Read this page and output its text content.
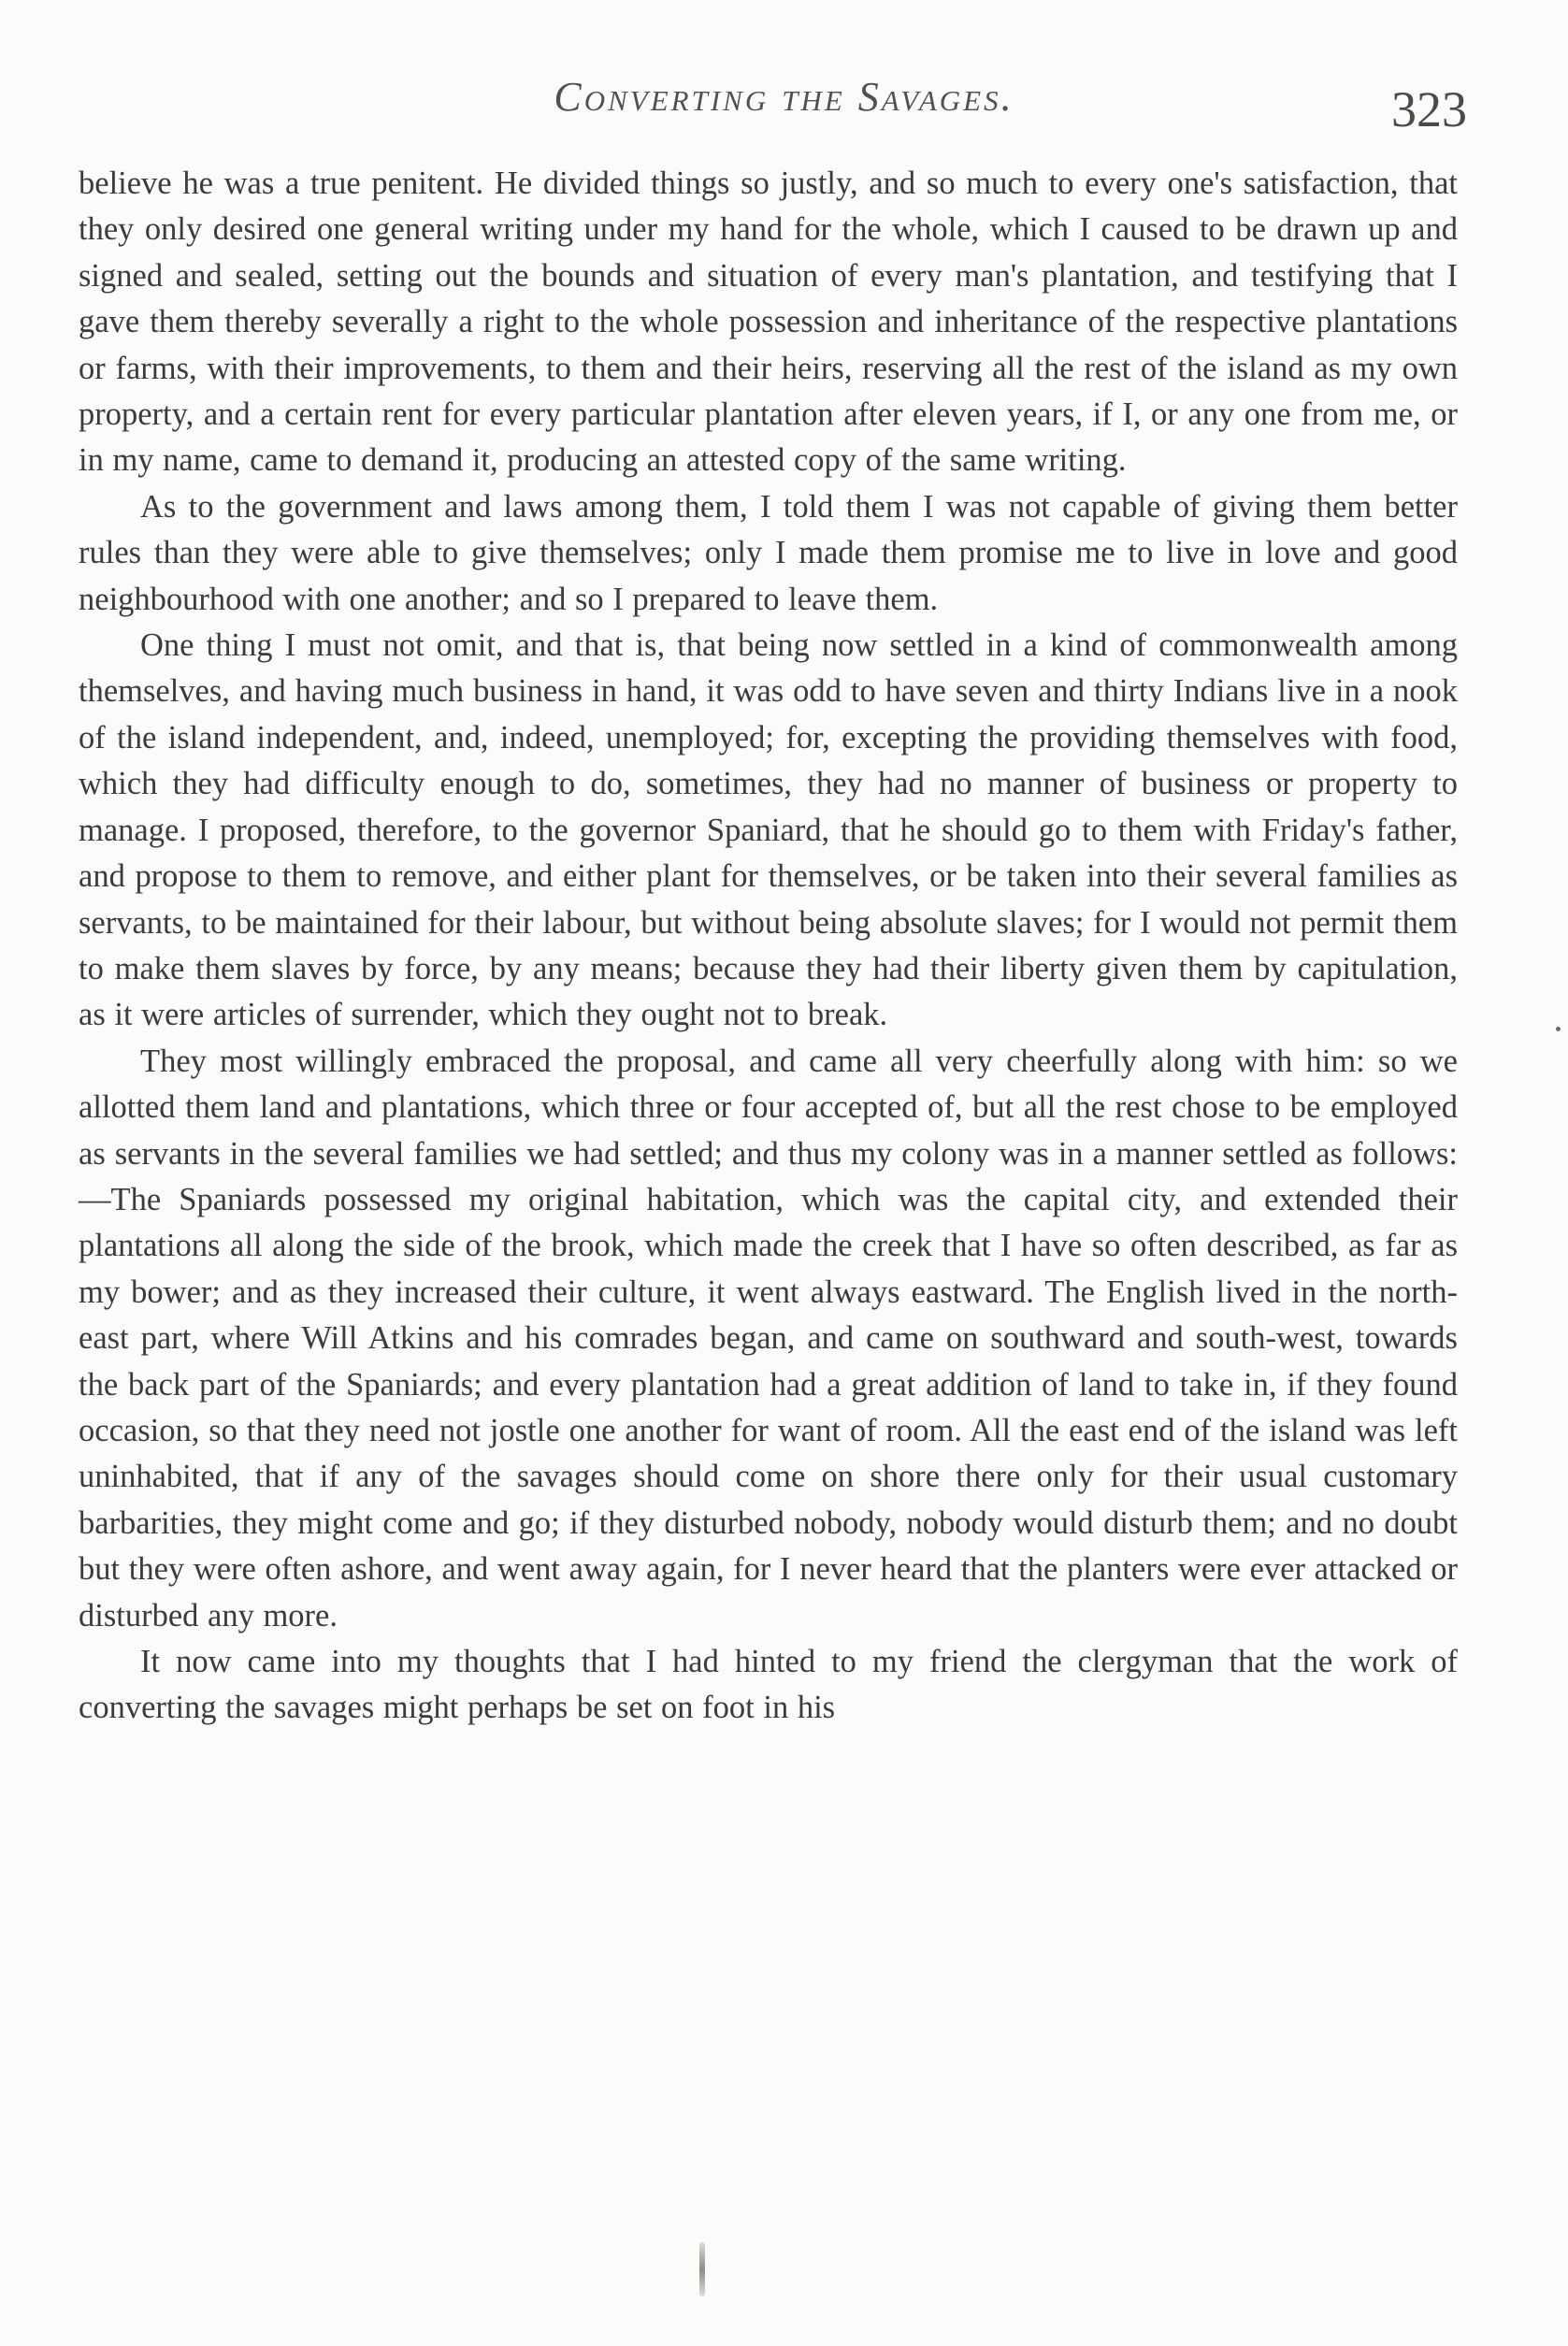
Converting the Savages.	323

believe he was a true penitent. He divided things so justly, and so much to every one's satisfaction, that they only desired one general writing under my hand for the whole, which I caused to be drawn up and signed and sealed, setting out the bounds and situation of every man's plantation, and testifying that I gave them thereby severally a right to the whole possession and inheritance of the respective plantations or farms, with their improvements, to them and their heirs, reserving all the rest of the island as my own property, and a certain rent for every particular plantation after eleven years, if I, or any one from me, or in my name, came to demand it, producing an attested copy of the same writing.

As to the government and laws among them, I told them I was not capable of giving them better rules than they were able to give themselves; only I made them promise me to live in love and good neighbourhood with one another; and so I prepared to leave them.

One thing I must not omit, and that is, that being now settled in a kind of commonwealth among themselves, and having much business in hand, it was odd to have seven and thirty Indians live in a nook of the island independent, and, indeed, unemployed; for, excepting the providing themselves with food, which they had difficulty enough to do, sometimes, they had no manner of business or property to manage. I proposed, therefore, to the governor Spaniard, that he should go to them with Friday's father, and propose to them to remove, and either plant for themselves, or be taken into their several families as servants, to be maintained for their labour, but without being absolute slaves; for I would not permit them to make them slaves by force, by any means; because they had their liberty given them by capitulation, as it were articles of surrender, which they ought not to break.

They most willingly embraced the proposal, and came all very cheerfully along with him: so we allotted them land and plantations, which three or four accepted of, but all the rest chose to be employed as servants in the several families we had settled; and thus my colony was in a manner settled as follows:—The Spaniards possessed my original habitation, which was the capital city, and extended their plantations all along the side of the brook, which made the creek that I have so often described, as far as my bower; and as they increased their culture, it went always eastward. The English lived in the north-east part, where Will Atkins and his comrades began, and came on southward and south-west, towards the back part of the Spaniards; and every plantation had a great addition of land to take in, if they found occasion, so that they need not jostle one another for want of room. All the east end of the island was left uninhabited, that if any of the savages should come on shore there only for their usual customary barbarities, they might come and go; if they disturbed nobody, nobody would disturb them; and no doubt but they were often ashore, and went away again, for I never heard that the planters were ever attacked or disturbed any more.

It now came into my thoughts that I had hinted to my friend the clergyman that the work of converting the savages might perhaps be set on foot in his
